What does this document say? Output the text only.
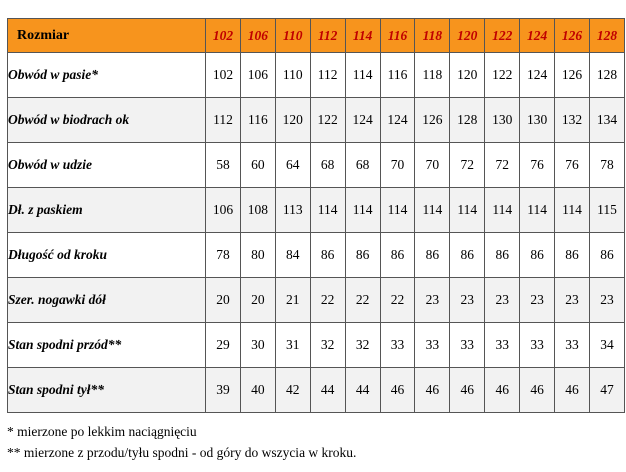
Rozmiar	102	106	110	112	114	116	118	120	122	124	126	128
Obwód w pasie*	102	106	110	112	114	116	118	120	122	124	126	128
Obwód w biodrach ok	112	116	120	122	124	124	126	128	130	130	132	134
Obwód w udzie	58	60	64	68	68	70	70	72	72	76	76	78
Dł. z paskiem	106	108	113	114	114	114	114	114	114	114	114	115
Długość od kroku	78	80	84	86	86	86	86	86	86	86	86	86
Szer. nogawki dół	20	20	21	22	22	22	23	23	23	23	23	23
Stan spodni przód**	29	30	31	32	32	33	33	33	33	33	33	34
Stan spodni tył**	39	40	42	44	44	46	46	46	46	46	46	47
* mierzone po lekkim naciągnięciu
** mierzone z przodu/tyłu spodni - od góry do wszycia w kroku.
